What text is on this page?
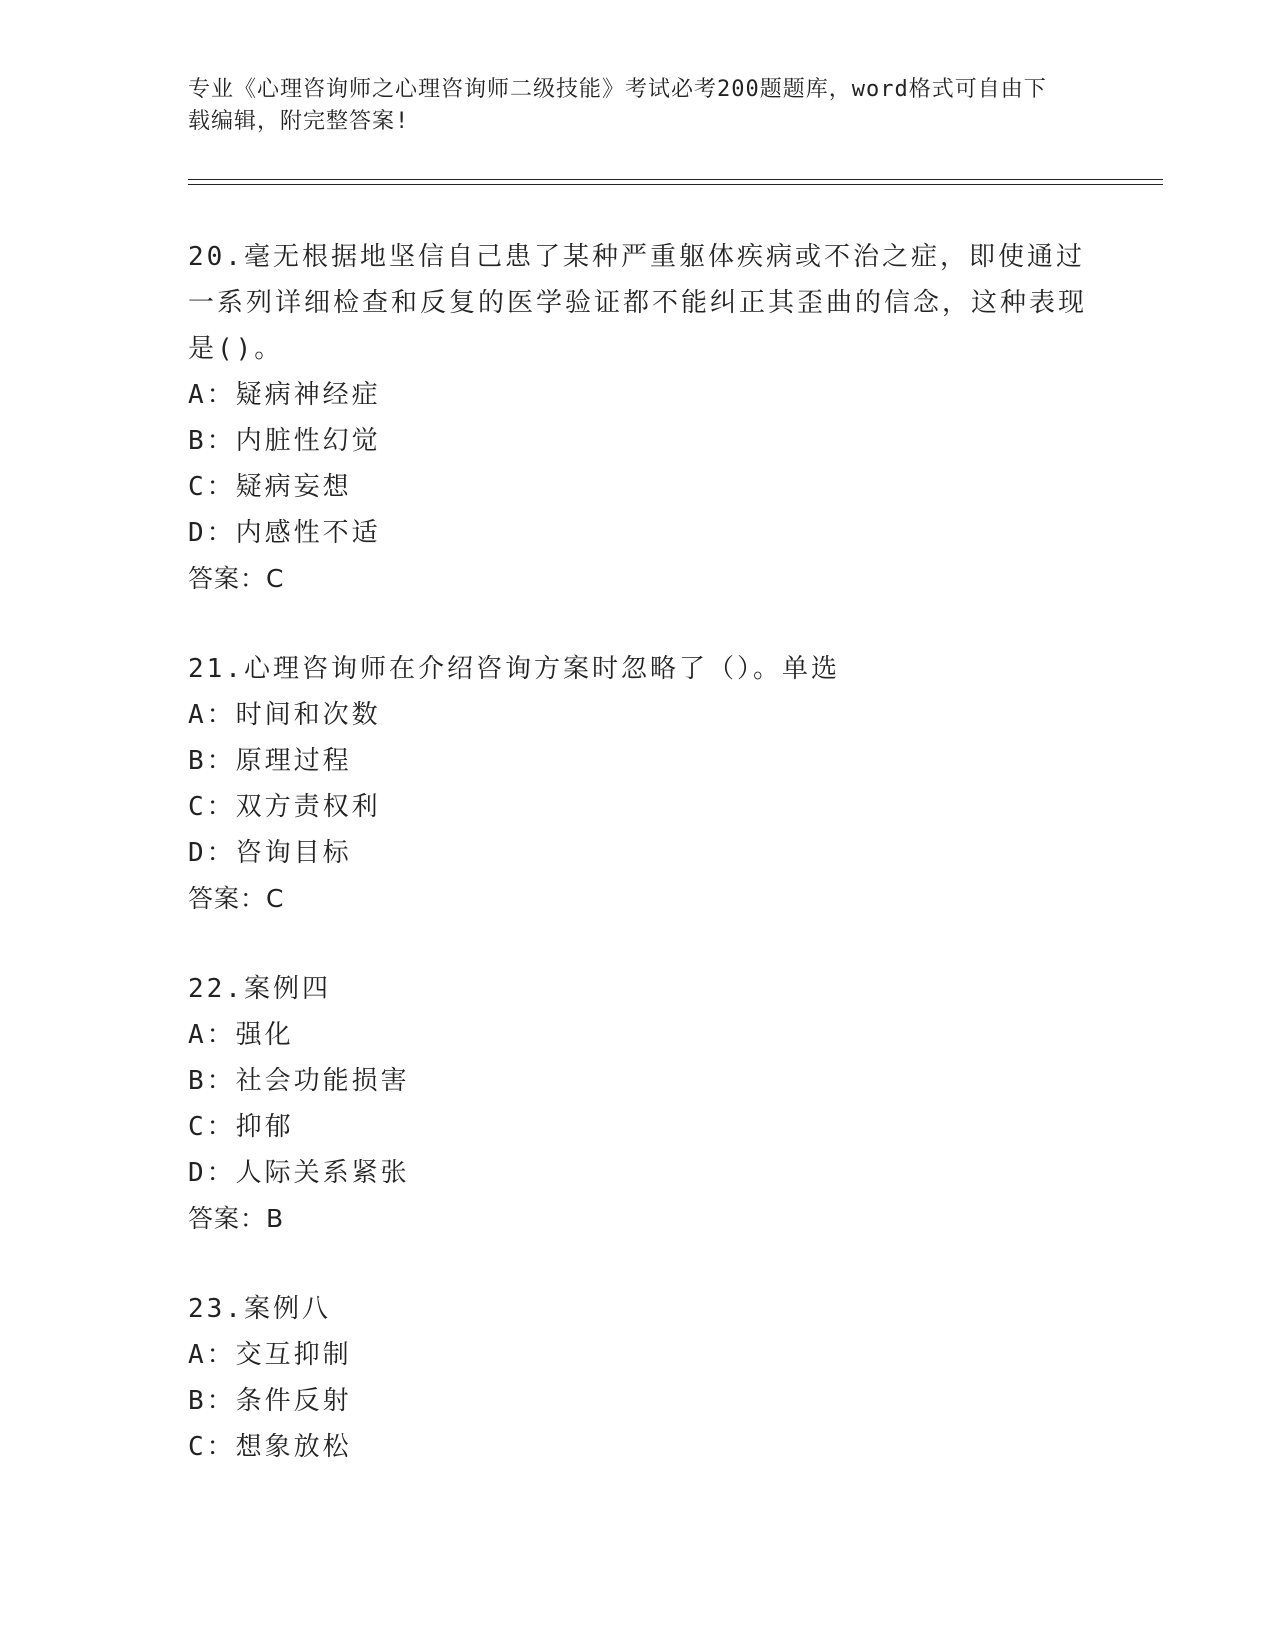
专业《心理咨询师之心理咨询师二级技能》考试必考200题题库，word格式可自由下载编辑，附完整答案!
20.毫无根据地坚信自己患了某种严重躯体疾病或不治之症，即使通过一系列详细检查和反复的医学验证都不能纠正其歪曲的信念，这种表现是()。
A：疑病神经症
B：内脏性幻觉
C：疑病妄想
D：内感性不适
答案：C
21.心理咨询师在介绍咨询方案时忽略了（）。单选
A：时间和次数
B：原理过程
C：双方责权利
D：咨询目标
答案：C
22.案例四
A：强化
B：社会功能损害
C：抑郁
D：人际关系紧张
答案：B
23.案例八
A：交互抑制
B：条件反射
C：想象放松
